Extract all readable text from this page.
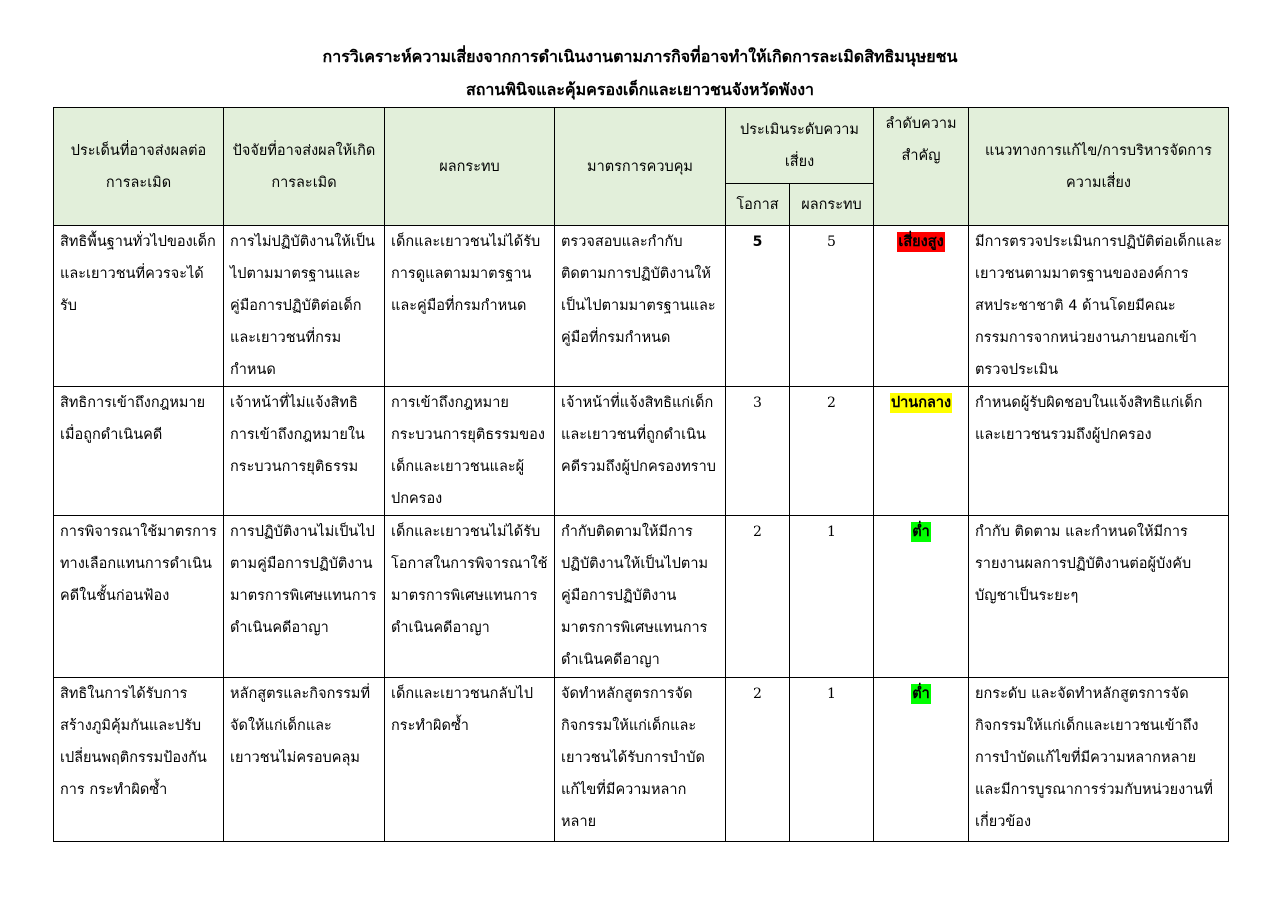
การวิเคราะห์ความเสี่ยงจากการดำเนินงานตามภารกิจที่อาจทำให้เกิดการละเมิดสิทธิมนุษยชน
สถานพินิจและคุ้มครองเด็กและเยาวชนจังหวัดพังงา
ประเด็นที่อาจส่งผลต่อการละเมิด	ปัจจัยที่อาจส่งผลให้เกิดการละเมิด	ผลกระทบ	มาตรการควบคุม	ประเมินระดับความเสี่ยง		ลำดับความสำคัญ	แนวทางการแก้ไข/การบริหารจัดการความเสี่ยง
				โอกาส	ผลกระทบ		
สิทธิพื้นฐานทั่วไปของเด็กและเยาวชนที่ควรจะได้รับ	การไม่ปฏิบัติงานให้เป็นไปตามมาตรฐานและคู่มือการปฏิบัติต่อเด็กและเยาวชนที่กรมกำหนด	เด็กและเยาวชนไม่ได้รับการดูแลตามมาตรฐานและคู่มือที่กรมกำหนด	ตรวจสอบและกำกับติดตามการปฏิบัติงานให้เป็นไปตามมาตรฐานและคู่มือที่กรมกำหนด	5	5	เสี่ยงสูง	มีการตรวจประเมินการปฏิบัติต่อเด็กและเยาวชนตามมาตรฐานขององค์การสหประชาชาติ 4 ด้านโดยมีคณะกรรมการจากหน่วยงานภายนอกเข้าตรวจประเมิน
สิทธิการเข้าถึงกฎหมายเมื่อถูกดำเนินคดี	เจ้าหน้าที่ไม่แจ้งสิทธิการเข้าถึงกฎหมายในกระบวนการยุติธรรม	การเข้าถึงกฎหมายกระบวนการยุติธรรมของเด็กและเยาวชนและผู้ปกครอง	เจ้าหน้าที่แจ้งสิทธิแก่เด็กและเยาวชนที่ถูกดำเนินคดีรวมถึงผู้ปกครองทราบ	3	2	ปานกลาง	กำหนดผู้รับผิดชอบในแจ้งสิทธิแก่เด็กและเยาวชนรวมถึงผู้ปกครอง
การพิจารณาใช้มาตรการทางเลือกแทนการดำเนินคดีในชั้นก่อนฟ้อง	การปฏิบัติงานไม่เป็นไปตามคู่มือการปฏิบัติงานมาตรการพิเศษแทนการดำเนินคดีอาญา	เด็กและเยาวชนไม่ได้รับโอกาสในการพิจารณาใช้มาตรการพิเศษแทนการดำเนินคดีอาญา	กำกับติดตามให้มีการปฏิบัติงานให้เป็นไปตามคู่มือการปฏิบัติงานมาตรการพิเศษแทนการดำเนินคดีอาญา	2	1	ต่ำ	กำกับ ติดตาม และกำหนดให้มีการรายงานผลการปฏิบัติงานต่อผู้บังคับบัญชาเป็นระยะๆ
สิทธิในการได้รับการสร้างภูมิคุ้มกันและปรับเปลี่ยนพฤติกรรมป้องกันการ กระทำผิดซ้ำ	หลักสูตรและกิจกรรมที่จัดให้แก่เด็กและเยาวชนไม่ครอบคลุม	เด็กและเยาวชนกลับไปกระทำผิดซ้ำ	จัดทำหลักสูตรการจัดกิจกรรมให้แก่เด็กและเยาวชนได้รับการบำบัดแก้ไขที่มีความหลากหลาย	2	1	ต่ำ	ยกระดับ และจัดทำหลักสูตรการจัดกิจกรรมให้แก่เด็กและเยาวชนเข้าถึงการบำบัดแก้ไขที่มีความหลากหลายและมีการบูรณาการร่วมกับหน่วยงานที่เกี่ยวข้อง
